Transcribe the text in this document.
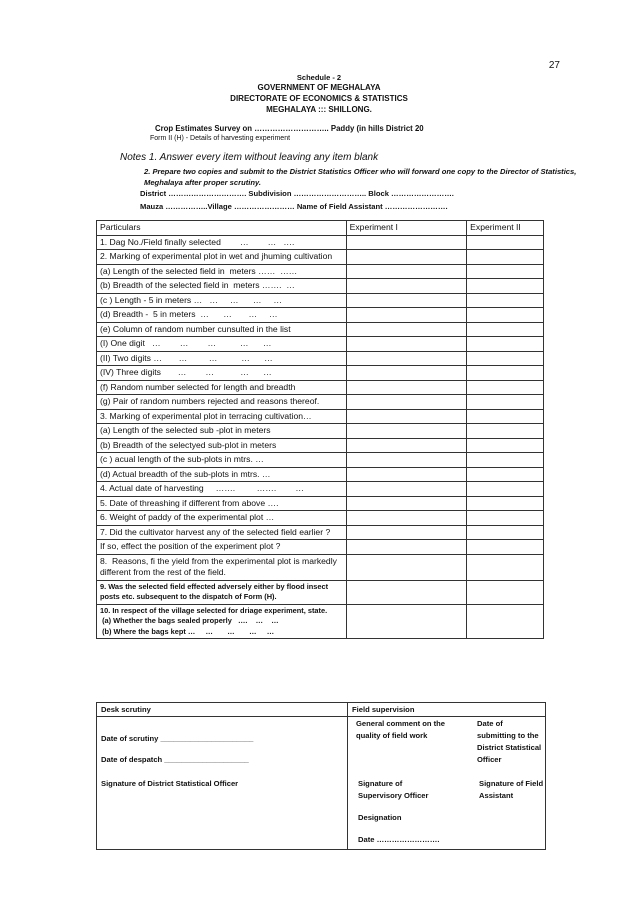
27
Schedule - 2
GOVERNMENT OF MEGHALAYA
DIRECTORATE OF ECONOMICS & STATISTICS
MEGHALAYA ::: SHILLONG.
Crop Estimates Survey on ……………………….. Paddy (in hills District 20
Form II (H) - Details of harvesting experiment
Notes 1. Answer every item without leaving any item blank
2. Prepare two copies and submit to the District Statistics Officer who will forward one copy to the Director of Statistics, Meghalaya after proper scrutiny.
District …………………………. Subdivision ……………………….. Block …………………….
Mauza ……………..Village …………………… Name of Field Assistant …………………….
Particulars	Experiment I	Experiment II
1. Dag No./Field finally selected        …        …   ….		
2. Marking of experimental plot in wet and jhuming cultivation		
(a) Length of the selected field in  meters ……  ……		
(b) Breadth of the selected field in  meters …….  …		
(c ) Length - 5 in meters …   …     …      …     …		
(d) Breadth -  5 in meters  …      …       …     …		
(e) Column of random number cunsulted in the list		
(I) One digit   …        …        …          …      …		
(II) Two digits …       …         …          …      …		
(IV) Three digits       …        …           …      …		
(f) Random number selected for length and breadth		
(g) Pair of random numbers rejected and reasons thereof.		
3. Marking of experimental plot in terracing cultivation…		
(a) Length of the selected sub -plot in meters		
(b) Breadth of the selectyed sub-plot in meters		
(c ) acual length of the sub-plots in mtrs. …		
(d) Actual breadth of the sub-plots in mtrs. …		
4. Actual date of harvesting     …….         …….        …		
5. Date of threashing if different from above ….		
6. Weight of paddy of the experimental plot …		
7. Did the cultivator harvest any of the selected field earlier ?		
If so, effect the position of the experiment plot ?		
8.  Reasons, fi the yield from the experimental plot is markedly different from the rest of the field.		
9. Was the selected field effected adversely either by flood insect posts etc. subsequent to the dispatch of Form (H).		
10. In respect of the village selected for driage experiment, state.
(a) Whether the bags sealed properly   ….    …    …
(b) Where the bags kept …     …       …       …     …		
Desk scrutiny
Date of scrutiny ______________________
Date of despatch ____________________
Signature of District Statistical Officer
Field supervision
General comment on the quality of field work
Date of submitting to the District Statistical Officer
Signature of Supervisory Officer
Signature of Field Assistant
Designation
Date …………………….
